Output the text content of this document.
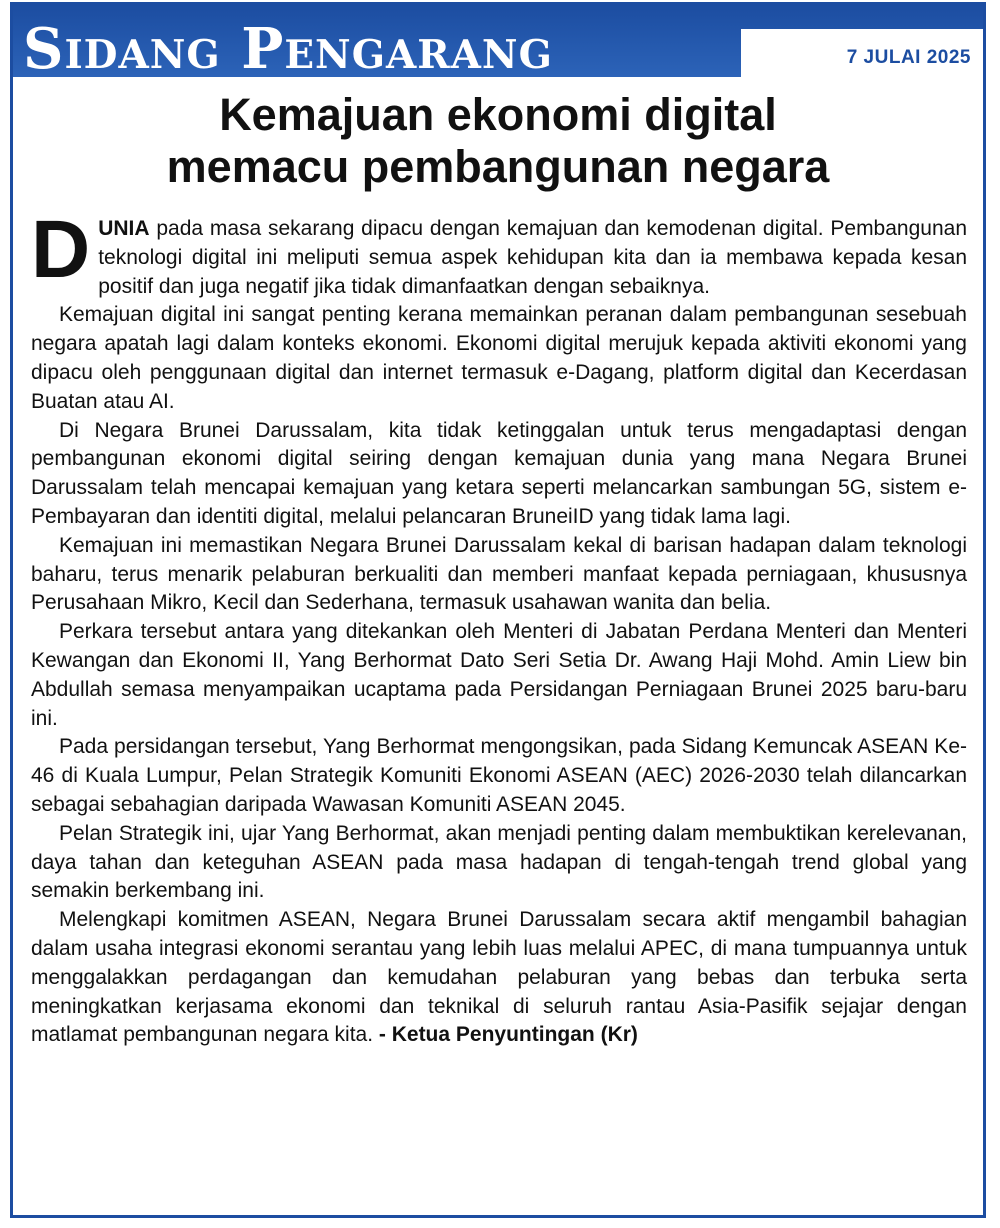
Sidang Pengarang	7 JULAI 2025
Kemajuan ekonomi digital
memacu pembangunan negara

DUNIA pada masa sekarang dipacu dengan kemajuan dan kemodenan digital. Pembangunan teknologi digital ini meliputi semua aspek kehidupan kita dan ia membawa kepada kesan positif dan juga negatif jika tidak dimanfaatkan dengan sebaiknya.

Kemajuan digital ini sangat penting kerana memainkan peranan dalam pembangunan sesebuah negara apatah lagi dalam konteks ekonomi. Ekonomi digital merujuk kepada aktiviti ekonomi yang dipacu oleh penggunaan digital dan internet termasuk e-Dagang, platform digital dan Kecerdasan Buatan atau AI.

Di Negara Brunei Darussalam, kita tidak ketinggalan untuk terus mengadaptasi dengan pembangunan ekonomi digital seiring dengan kemajuan dunia yang mana Negara Brunei Darussalam telah mencapai kemajuan yang ketara seperti melancarkan sambungan 5G, sistem e-Pembayaran dan identiti digital, melalui pelancaran BruneiID yang tidak lama lagi.

Kemajuan ini memastikan Negara Brunei Darussalam kekal di barisan hadapan dalam teknologi baharu, terus menarik pelaburan berkualiti dan memberi manfaat kepada perniagaan, khususnya Perusahaan Mikro, Kecil dan Sederhana, termasuk usahawan wanita dan belia.

Perkara tersebut antara yang ditekankan oleh Menteri di Jabatan Perdana Menteri dan Menteri Kewangan dan Ekonomi II, Yang Berhormat Dato Seri Setia Dr. Awang Haji Mohd. Amin Liew bin Abdullah semasa menyampaikan ucaptama pada Persidangan Perniagaan Brunei 2025 baru-baru ini.

Pada persidangan tersebut, Yang Berhormat mengongsikan, pada Sidang Kemuncak ASEAN Ke-46 di Kuala Lumpur, Pelan Strategik Komuniti Ekonomi ASEAN (AEC) 2026-2030 telah dilancarkan sebagai sebahagian daripada Wawasan Komuniti ASEAN 2045.

Pelan Strategik ini, ujar Yang Berhormat, akan menjadi penting dalam membuktikan kerelevanan, daya tahan dan keteguhan ASEAN pada masa hadapan di tengah-tengah trend global yang semakin berkembang ini.

Melengkapi komitmen ASEAN, Negara Brunei Darussalam secara aktif mengambil bahagian dalam usaha integrasi ekonomi serantau yang lebih luas melalui APEC, di mana tumpuannya untuk menggalakkan perdagangan dan kemudahan pelaburan yang bebas dan terbuka serta meningkatkan kerjasama ekonomi dan teknikal di seluruh rantau Asia-Pasifik sejajar dengan matlamat pembangunan negara kita. - Ketua Penyuntingan (Kr)
